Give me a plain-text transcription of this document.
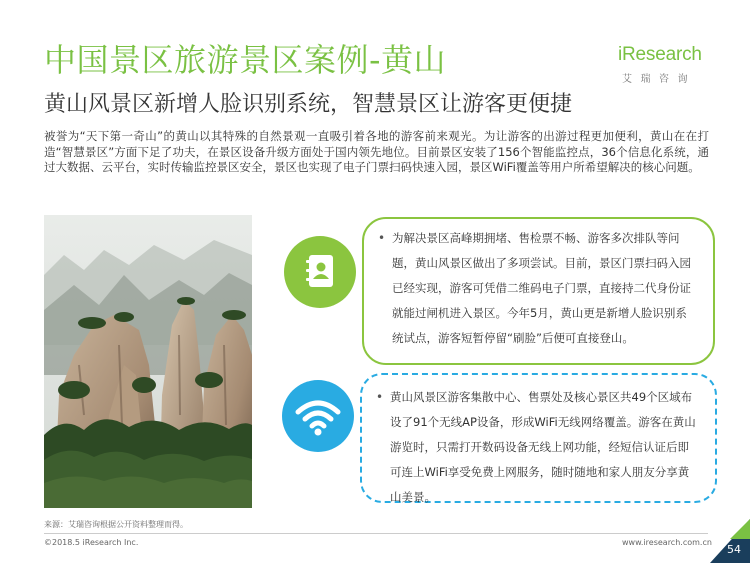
中国景区旅游景区案例-黄山	iResearch
艾瑞咨询
黄山风景区新增人脸识别系统，智慧景区让游客更便捷
被誉为“天下第一奇山”的黄山以其特殊的自然景观一直吸引着各地的游客前来观光。为让游客的出游过程更加便利，黄山在在打造“智慧景区”方面下足了功夫，在景区设备升级方面处于国内领先地位。目前景区安装了156个智能监控点，36个信息化系统，通过大数据、云平台，实时传输监控景区安全，景区也实现了电子门票扫码快速入园，景区WiFi覆盖等用户所希望解决的核心问题。
• 为解决景区高峰期拥堵、售检票不畅、游客多次排队等问题，黄山风景区做出了多项尝试。目前，景区门票扫码入园已经实现，游客可凭借二维码电子门票，直接持二代身份证就能过闸机进入景区。今年5月，黄山更是新增人脸识别系统试点，游客短暂停留“刷脸”后便可直接登山。
• 黄山风景区游客集散中心、售票处及核心景区共49个区域布设了91个无线AP设备，形成WiFi无线网络覆盖。游客在黄山游览时，只需打开数码设备无线上网功能，经短信认证后即可连上WiFi享受免费上网服务，随时随地和家人朋友分享黄山美景。
来源：艾瑞咨询根据公开资料整理而得。
©2018.5 iResearch Inc.	www.iresearch.com.cn
54
